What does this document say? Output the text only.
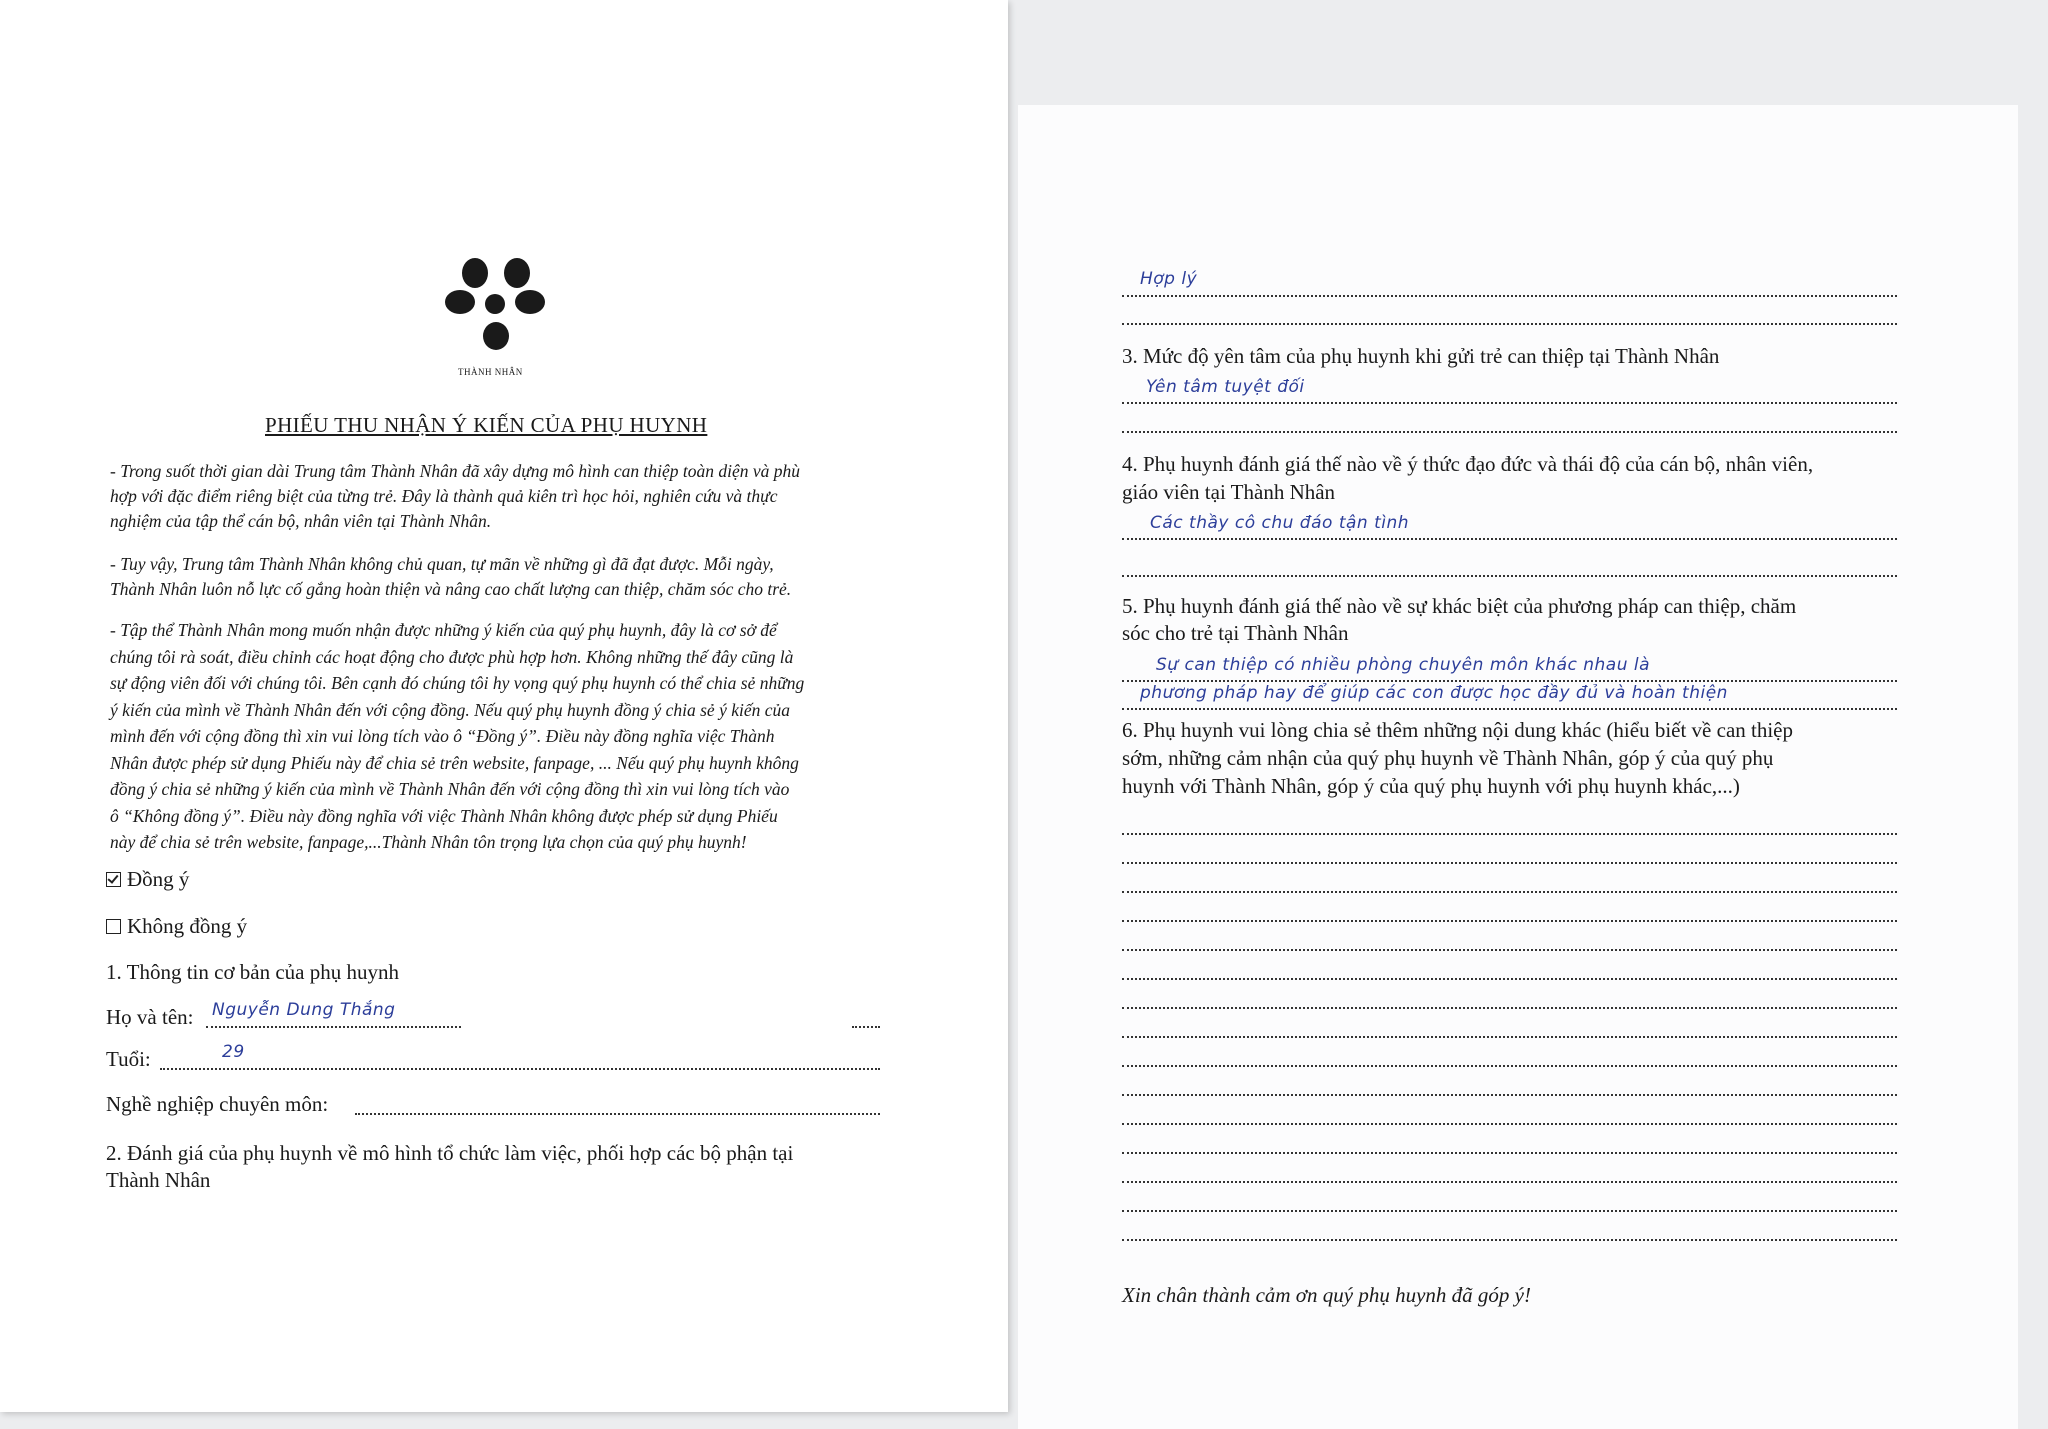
THÀNH NHÂN
PHIẾU THU NHẬN Ý KIẾN CỦA PHỤ HUYNH
- Trong suốt thời gian dài Trung tâm Thành Nhân đã xây dựng mô hình can thiệp toàn diện và phù
hợp với đặc điểm riêng biệt của từng trẻ. Đây là thành quả kiên trì học hỏi, nghiên cứu và thực
nghiệm của tập thể cán bộ, nhân viên tại Thành Nhân.
- Tuy vậy, Trung tâm Thành Nhân không chủ quan, tự mãn về những gì đã đạt được. Mỗi ngày,
Thành Nhân luôn nỗ lực cố gắng hoàn thiện và nâng cao chất lượng can thiệp, chăm sóc cho trẻ.
- Tập thể Thành Nhân mong muốn nhận được những ý kiến của quý phụ huynh, đây là cơ sở để
chúng tôi rà soát, điều chỉnh các hoạt động cho được phù hợp hơn. Không những thế đây cũng là
sự động viên đối với chúng tôi. Bên cạnh đó chúng tôi hy vọng quý phụ huynh có thể chia sẻ những
ý kiến của mình về Thành Nhân đến với cộng đồng. Nếu quý phụ huynh đồng ý chia sẻ ý kiến của
mình đến với cộng đồng thì xin vui lòng tích vào ô “Đồng ý”. Điều này đồng nghĩa việc Thành
Nhân được phép sử dụng Phiếu này để chia sẻ trên website, fanpage, ... Nếu quý phụ huynh không
đồng ý chia sẻ những ý kiến của mình về Thành Nhân đến với cộng đồng thì xin vui lòng tích vào
ô “Không đồng ý”. Điều này đồng nghĩa với việc Thành Nhân không được phép sử dụng Phiếu
này để chia sẻ trên website, fanpage,...Thành Nhân tôn trọng lựa chọn của quý phụ huynh!
Đồng ý
Không đồng ý
1. Thông tin cơ bản của phụ huynh
Họ và tên: Nguyễn Dung Thắng
Tuổi:	29
Nghề nghiệp chuyên môn:
2. Đánh giá của phụ huynh về mô hình tổ chức làm việc, phối hợp các bộ phận tại
Thành Nhân
Hợp lý
3. Mức độ yên tâm của phụ huynh khi gửi trẻ can thiệp tại Thành Nhân
Yên tâm tuyệt đối
4. Phụ huynh đánh giá thế nào về ý thức đạo đức và thái độ của cán bộ, nhân viên,
giáo viên tại Thành Nhân
Các thầy cô chu đáo tận tình
5. Phụ huynh đánh giá thế nào về sự khác biệt của phương pháp can thiệp, chăm
sóc cho trẻ tại Thành Nhân
Sự can thiệp có nhiều phòng chuyên môn khác nhau là
phương pháp hay để giúp các con được học đầy đủ và hoàn thiện
6. Phụ huynh vui lòng chia sẻ thêm những nội dung khác (hiểu biết về can thiệp
sớm, những cảm nhận của quý phụ huynh về Thành Nhân, góp ý của quý phụ
huynh với Thành Nhân, góp ý của quý phụ huynh với phụ huynh khác,...)
Xin chân thành cảm ơn quý phụ huynh đã góp ý!
